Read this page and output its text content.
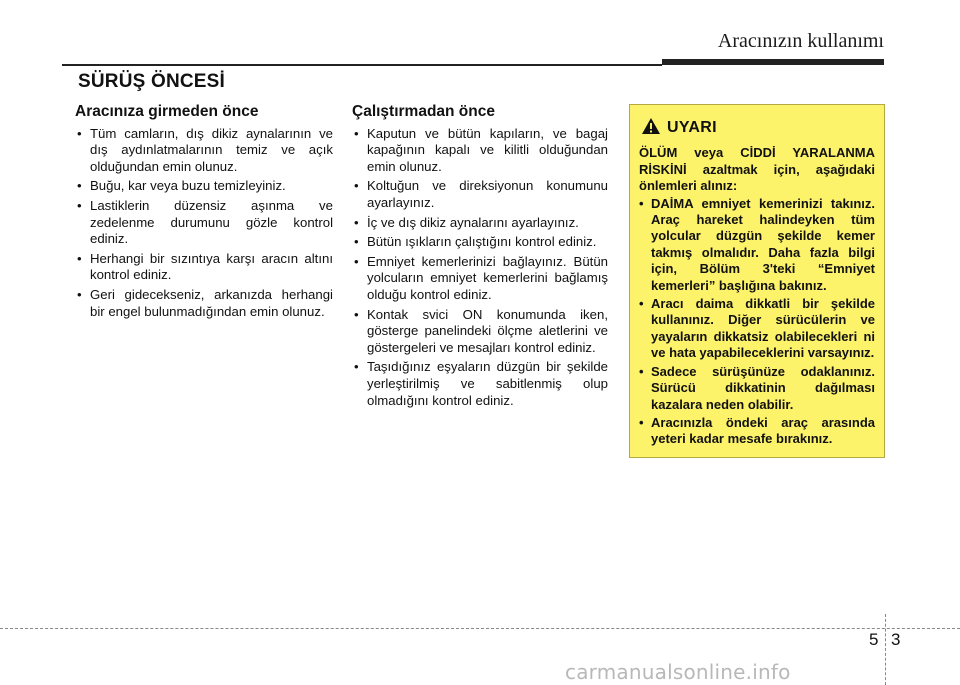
Aracınızın kullanımı
SÜRÜŞ ÖNCESİ
Aracınıza girmeden önce
• Tüm camların, dış dikiz aynalarının ve dış aydınlatmalarının temiz ve açık olduğundan emin olunuz.
• Buğu, kar veya buzu temizleyiniz.
• Lastiklerin düzensiz aşınma ve zedelenme durumunu gözle kontrol ediniz.
• Herhangi bir sızıntıya karşı aracın altını kontrol ediniz.
• Geri gidecekseniz, arkanızda herhangi bir engel bulunmadığından emin olunuz.
Çalıştırmadan önce
• Kaputun ve bütün kapıların, ve bagaj kapağının kapalı ve kilitli olduğundan emin olunuz.
• Koltuğun ve direksiyonun konumunu ayarlayınız.
• İç ve dış dikiz aynalarını ayarlayınız.
• Bütün ışıkların çalıştığını kontrol ediniz.
• Emniyet kemerlerinizi bağlayınız. Bütün yolcuların emniyet kemerlerini bağlamış olduğu kontrol ediniz.
• Kontak svici ON konumunda iken, gösterge panelindeki ölçme aletlerini ve göstergeleri ve mesajları kontrol ediniz.
• Taşıdığınız eşyaların düzgün bir şekilde yerleştirilmiş ve sabitlenmiş olup olmadığını kontrol ediniz.
UYARI

ÖLÜM veya CİDDİ YARALANMA RİSKİNİ azaltmak için, aşağıdaki önlemleri alınız:

• DAİMA emniyet kemerinizi takınız. Araç hareket halindeyken tüm yolcular düzgün şekilde kemer takmış olmalıdır. Daha fazla bilgi için, Bölüm 3'teki “Emniyet kemerleri” başlığına bakınız.
• Aracı daima dikkatli bir şekilde kullanınız. Diğer sürücülerin ve yayaların dikkatsiz olabilecekleri ni ve hata yapabileceklerini varsayınız.
• Sadece sürüşünüze odaklanınız. Sürücü dikkatinin dağılması kazalara neden olabilir.
• Aracınızla öndeki araç arasında yeteri kadar mesafe bırakınız.
5 3
carmanualsonline.info
